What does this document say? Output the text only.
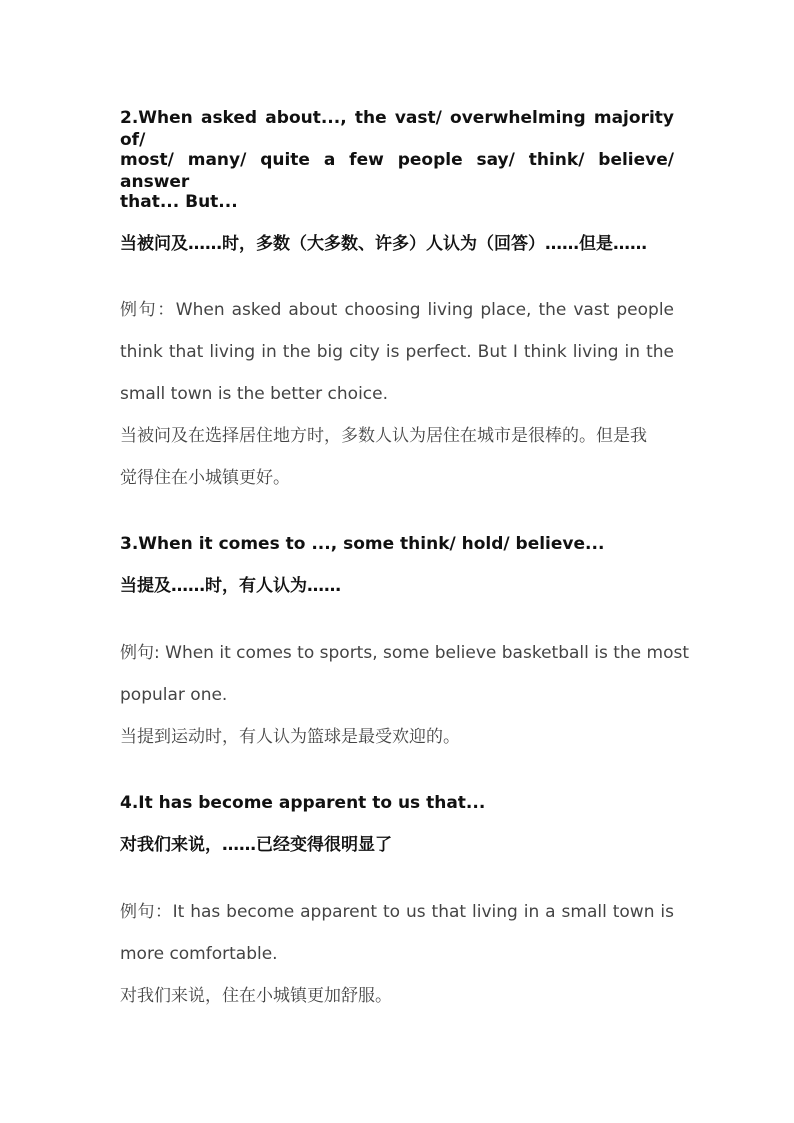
2.When asked about..., the vast/ overwhelming majority of/
most/ many/ quite a few people say/ think/ believe/ answer
that... But...
当被问及……时，多数（大多数、许多）人认为（回答）……但是……
例句：When asked about choosing living place, the vast people
think that living in the big city is perfect. But I think living in the
small town is the better choice.
当被问及在选择居住地方时，多数人认为居住在城市是很棒的。但是我
觉得住在小城镇更好。
3.When it comes to ..., some think/ hold/ believe...
当提及……时，有人认为……
例句: When it comes to sports, some believe basketball is the most
popular one.
当提到运动时，有人认为篮球是最受欢迎的。
4.It has become apparent to us that...
对我们来说，……已经变得很明显了
例句：It has become apparent to us that living in a small town is
more comfortable.
对我们来说，住在小城镇更加舒服。
